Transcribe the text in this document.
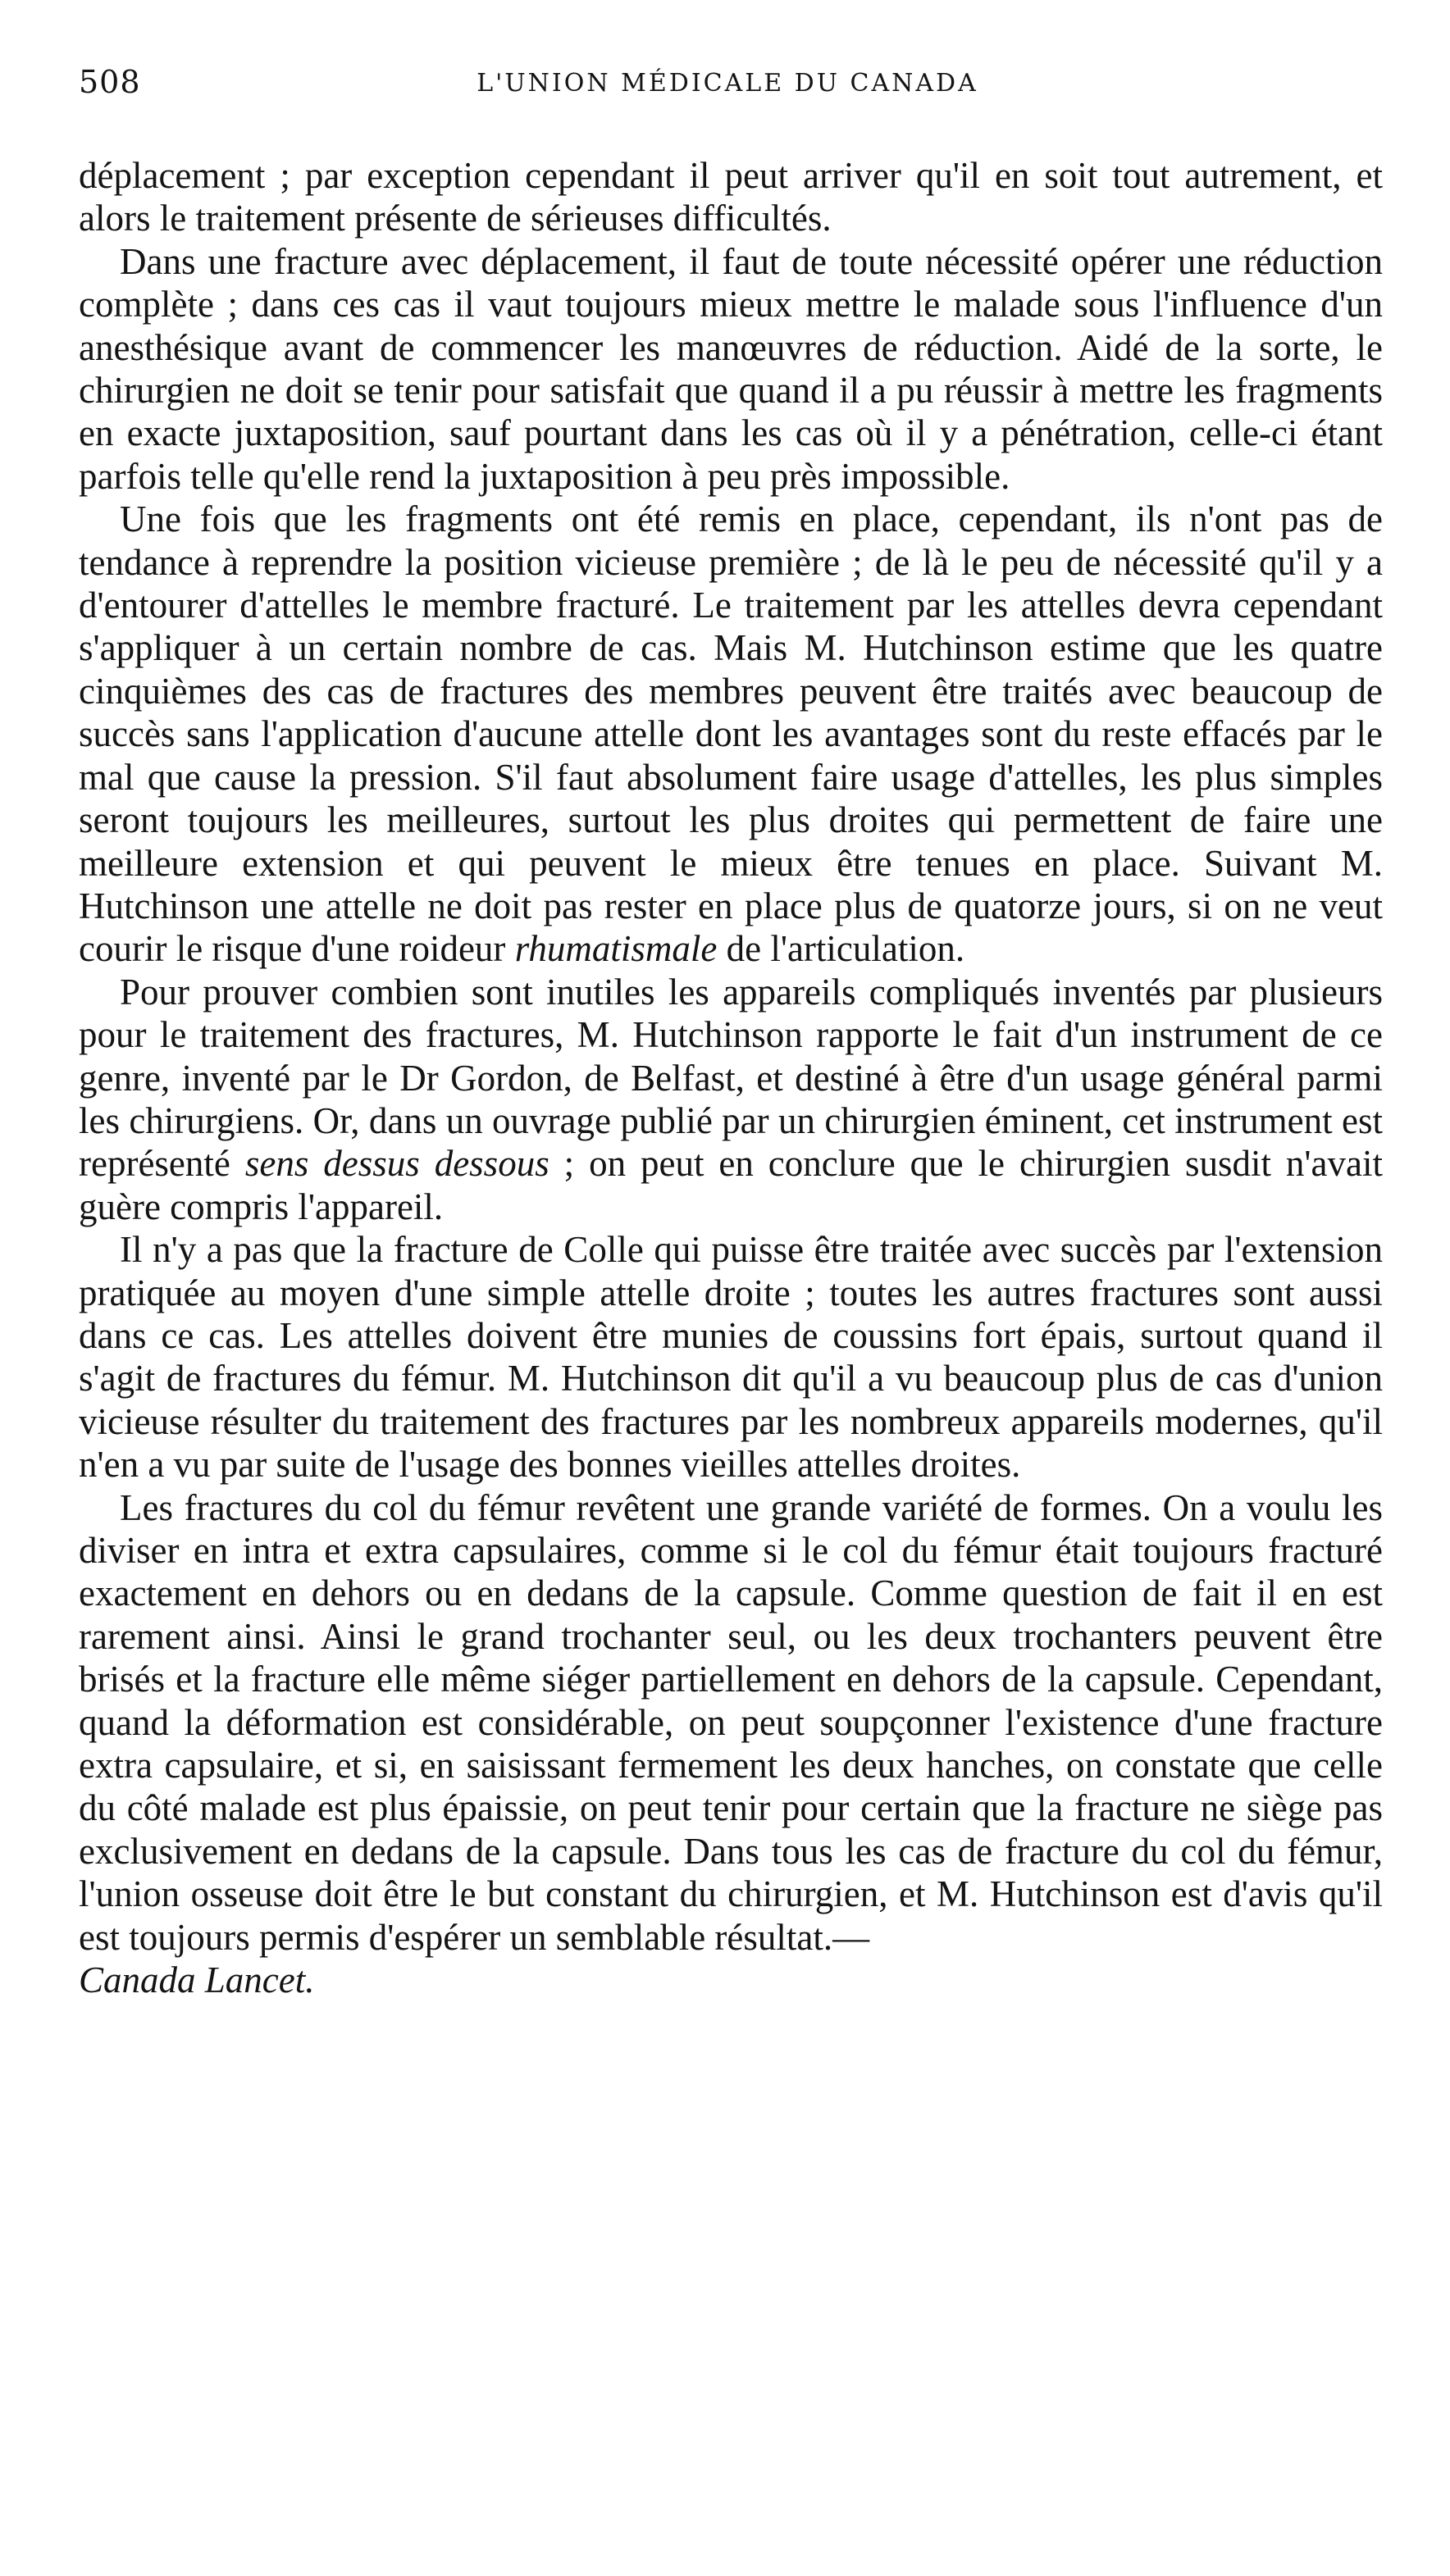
508	L'UNION MÉDICALE DU CANADA

déplacement ; par exception cependant il peut arriver qu'il en soit tout autrement, et alors le traitement présente de sérieuses difficultés.

Dans une fracture avec déplacement, il faut de toute nécessité opérer une réduction complète ; dans ces cas il vaut toujours mieux mettre le malade sous l'influence d'un anesthésique avant de commencer les manœuvres de réduction. Aidé de la sorte, le chirurgien ne doit se tenir pour satisfait que quand il a pu réussir à mettre les fragments en exacte juxtaposition, sauf pourtant dans les cas où il y a pénétration, celle-ci étant parfois telle qu'elle rend la juxtaposition à peu près impossible.

Une fois que les fragments ont été remis en place, cependant, ils n'ont pas de tendance à reprendre la position vicieuse première ; de là le peu de nécessité qu'il y a d'entourer d'attelles le membre fracturé. Le traitement par les attelles devra cependant s'appliquer à un certain nombre de cas. Mais M. Hutchinson estime que les quatre cinquièmes des cas de fractures des membres peuvent être traités avec beaucoup de succès sans l'application d'aucune attelle dont les avantages sont du reste effacés par le mal que cause la pression. S'il faut absolument faire usage d'attelles, les plus simples seront toujours les meilleures, surtout les plus droites qui permettent de faire une meilleure extension et qui peuvent le mieux être tenues en place. Suivant M. Hutchinson une attelle ne doit pas rester en place plus de quatorze jours, si on ne veut courir le risque d'une roideur rhumatismale de l'articulation.

Pour prouver combien sont inutiles les appareils compliqués inventés par plusieurs pour le traitement des fractures, M. Hutchinson rapporte le fait d'un instrument de ce genre, inventé par le Dr Gordon, de Belfast, et destiné à être d'un usage général parmi les chirurgiens. Or, dans un ouvrage publié par un chirurgien éminent, cet instrument est représenté sens dessus dessous ; on peut en conclure que le chirurgien susdit n'avait guère compris l'appareil.

Il n'y a pas que la fracture de Colle qui puisse être traitée avec succès par l'extension pratiquée au moyen d'une simple attelle droite ; toutes les autres fractures sont aussi dans ce cas. Les attelles doivent être munies de coussins fort épais, surtout quand il s'agit de fractures du fémur. M. Hutchinson dit qu'il a vu beaucoup plus de cas d'union vicieuse résulter du traitement des fractures par les nombreux appareils modernes, qu'il n'en a vu par suite de l'usage des bonnes vieilles attelles droites.

Les fractures du col du fémur revêtent une grande variété de formes. On a voulu les diviser en intra et extra capsulaires, comme si le col du fémur était toujours fracturé exactement en dehors ou en dedans de la capsule. Comme question de fait il en est rarement ainsi. Ainsi le grand trochanter seul, ou les deux trochanters peuvent être brisés et la fracture elle même siéger partiellement en dehors de la capsule. Cependant, quand la déformation est considérable, on peut soupçonner l'existence d'une fracture extra capsulaire, et si, en saisissant fermement les deux hanches, on constate que celle du côté malade est plus épaissie, on peut tenir pour certain que la fracture ne siège pas exclusivement en dedans de la capsule. Dans tous les cas de fracture du col du fémur, l'union osseuse doit être le but constant du chirurgien, et M. Hutchinson est d'avis qu'il est toujours permis d'espérer un semblable résultat.—

Canada Lancet.
